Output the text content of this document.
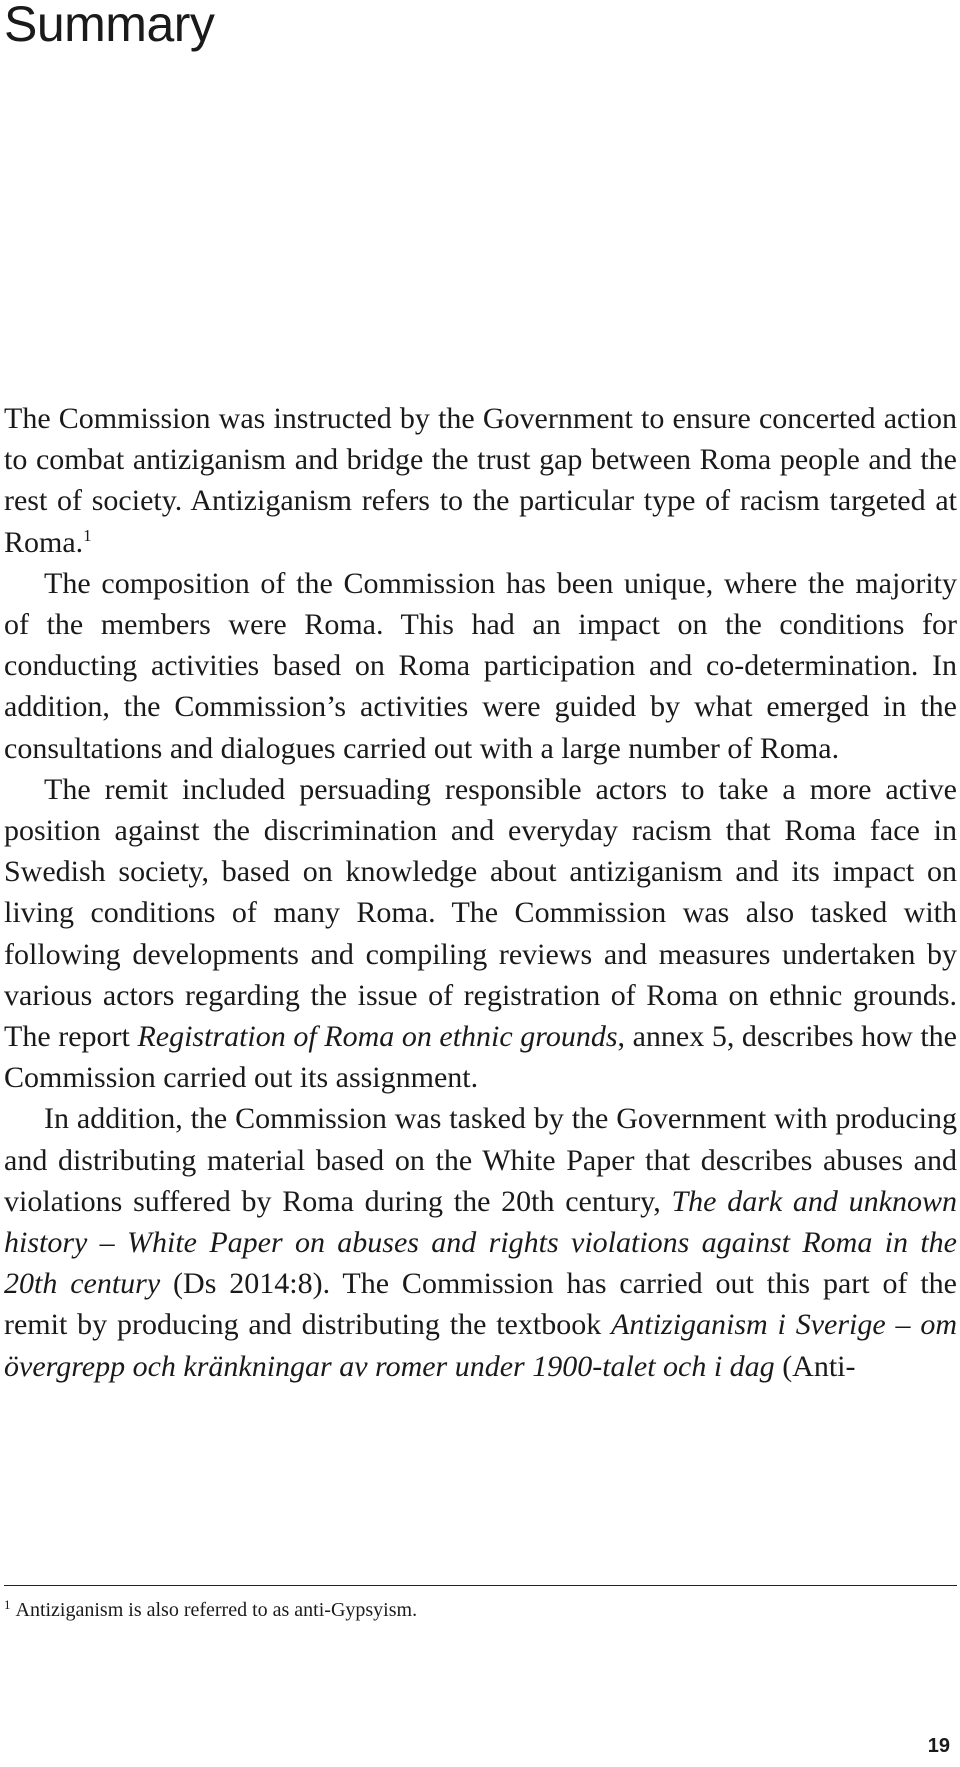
Summary

The Commission was instructed by the Government to ensure concerted action to combat antiziganism and bridge the trust gap between Roma people and the rest of society. Antiziganism refers to the particular type of racism targeted at Roma.$^1$

The composition of the Commission has been unique, where the majority of the members were Roma. This had an impact on the conditions for conducting activities based on Roma participation and co-determination. In addition, the Commission’s activities were guided by what emerged in the consultations and dialogues carried out with a large number of Roma.

The remit included persuading responsible actors to take a more active position against the discrimination and everyday racism that Roma face in Swedish society, based on knowledge about antiziganism and its impact on living conditions of many Roma. The Commission was also tasked with following developments and compiling reviews and measures undertaken by various actors regarding the issue of registration of Roma on ethnic grounds. The report Registration of Roma on ethnic grounds, annex 5, describes how the Commission carried out its assignment.

In addition, the Commission was tasked by the Government with producing and distributing material based on the White Paper that describes abuses and violations suffered by Roma during the 20th century, The dark and unknown history – White Paper on abuses and rights violations against Roma in the 20th century (Ds 2014:8). The Commission has carried out this part of the remit by producing and distributing the textbook Antiziganism i Sverige – om övergrepp och kränkningar av romer under 1900-talet och i dag (Anti-

$^1$ Antiziganism is also referred to as anti-Gypsyism.
19
